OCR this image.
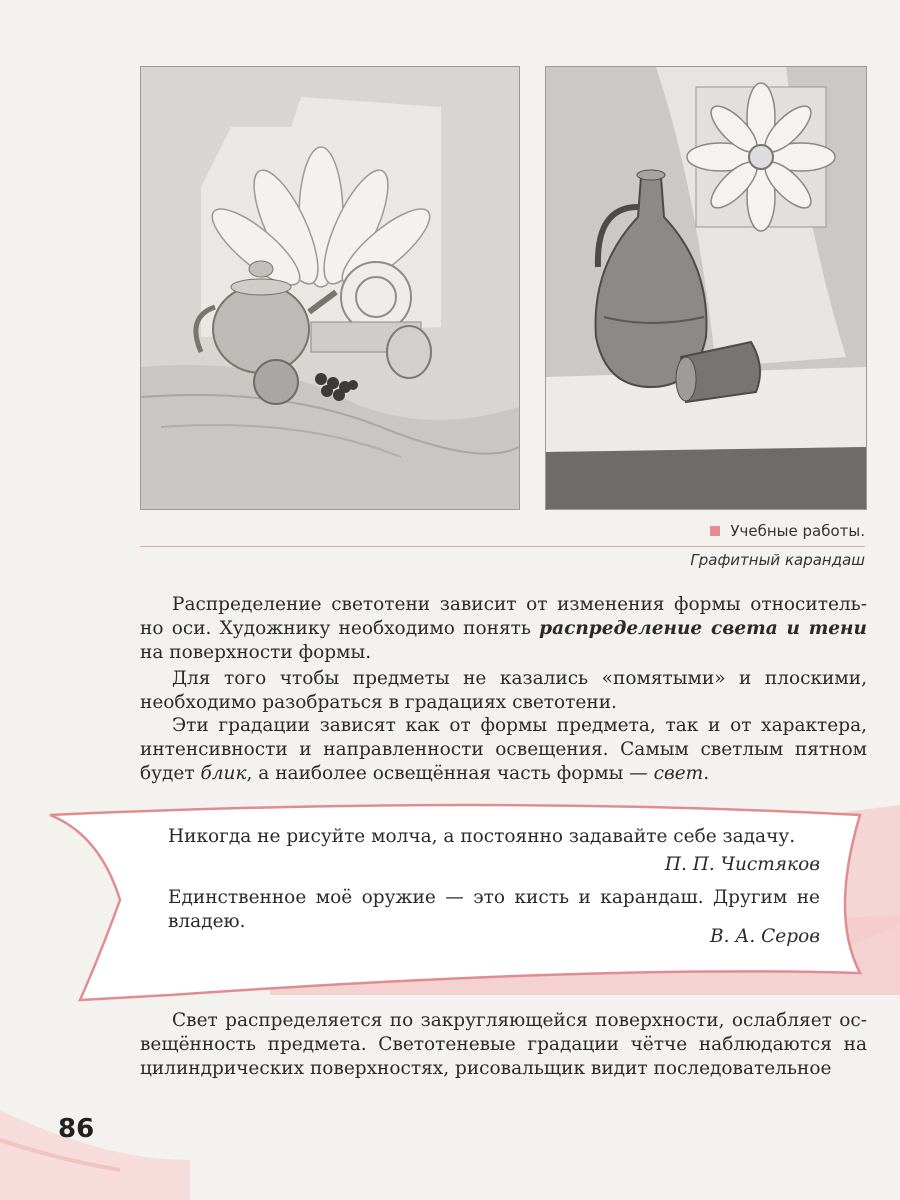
Учебные работы.
Графитный карандаш
Распределение светотени зависит от изменения формы относитель-но оси. Художнику необходимо понять распределение света и тени на поверхности формы.
Для того чтобы предметы не казались «помятыми» и плоскими, необходимо разобраться в градациях светотени.
Эти градации зависят как от формы предмета, так и от характера, интенсивности и направленности освещения. Самым светлым пятном будет блик, а наиболее освещённая часть формы — свет.
Никогда не рисуйте молча, а постоянно задавайте себе задачу.
П. П. Чистяков
Единственное моё оружие — это кисть и карандаш. Другим не владею.
В. А. Серов
Свет распределяется по закругляющейся поверхности, ослабляет ос-вещённость предмета. Светотеневые градации чётче наблюдаются на цилиндрических поверхностях, рисовальщик видит последовательное
86
